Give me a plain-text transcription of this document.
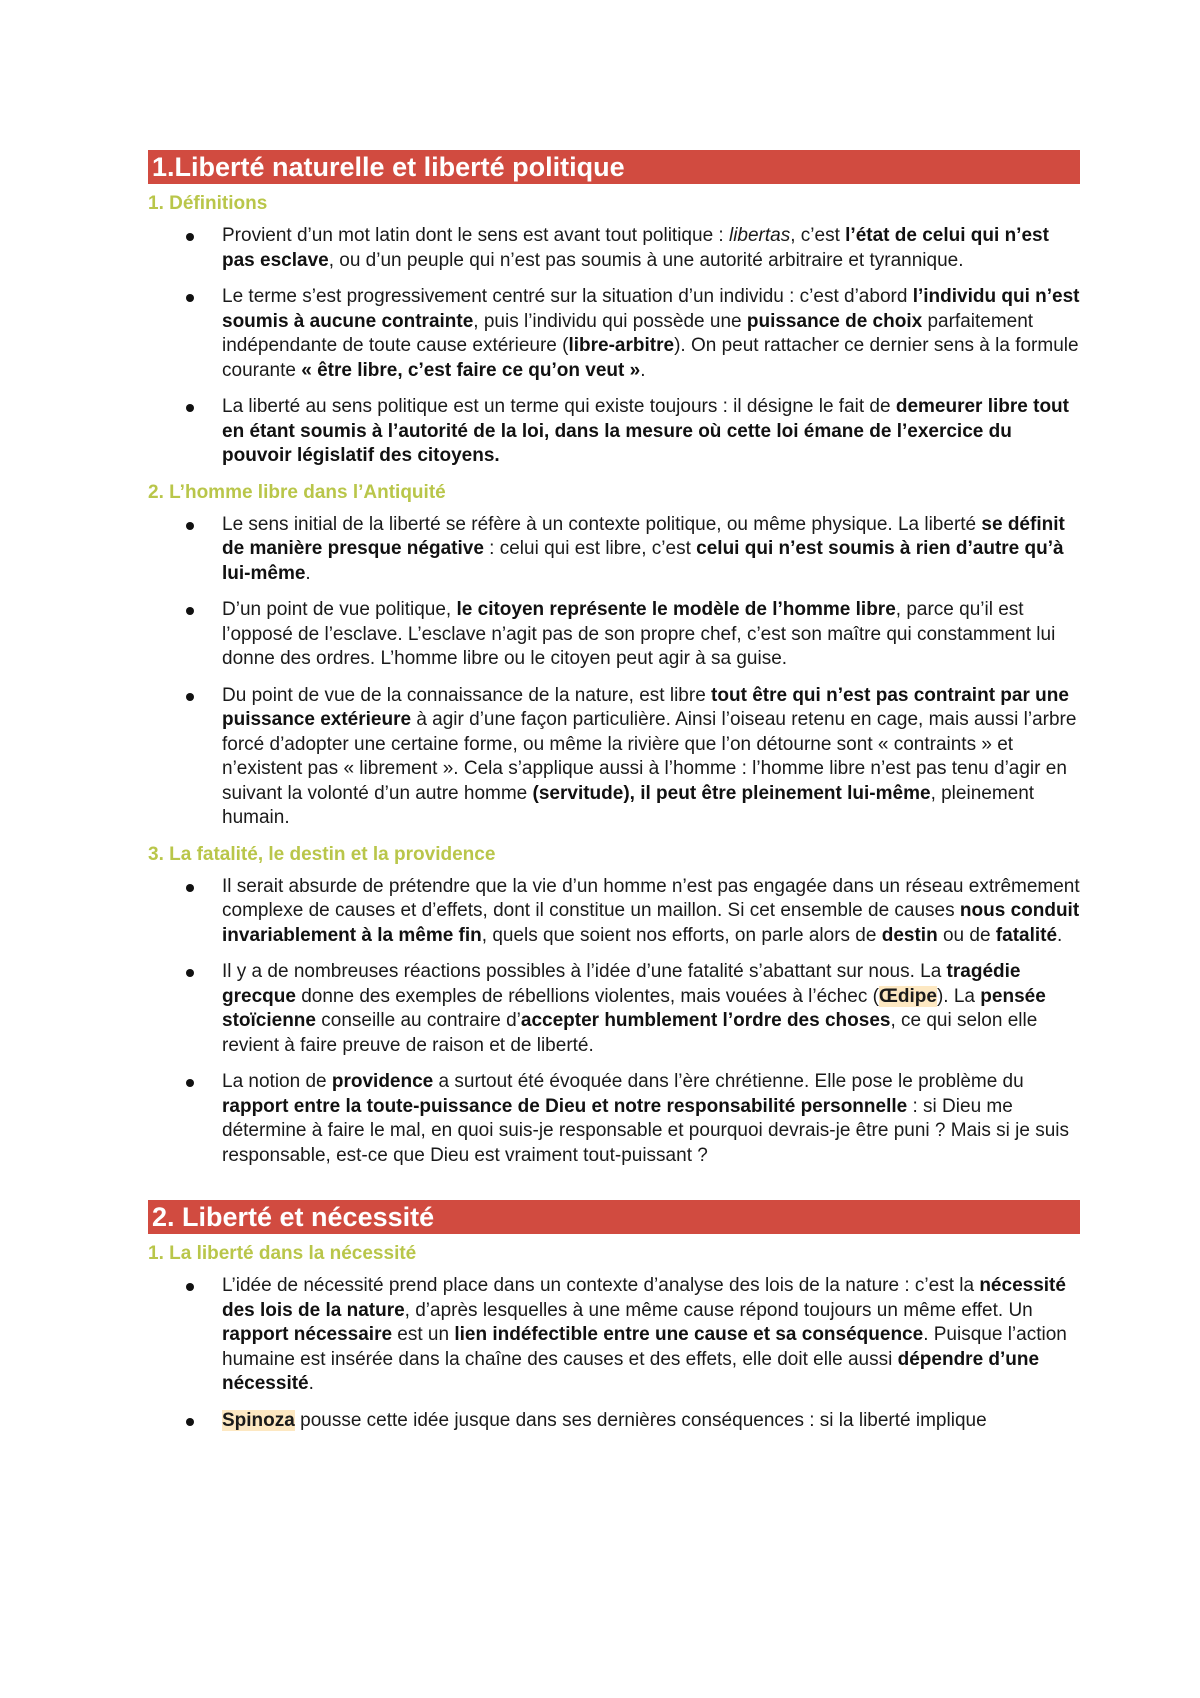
1.Liberté naturelle et liberté politique
1. Définitions
Provient d’un mot latin dont le sens est avant tout politique : libertas, c’est l’état de celui qui n’est pas esclave, ou d’un peuple qui n’est pas soumis à une autorité arbitraire et tyrannique.
Le terme s’est progressivement centré sur la situation d’un individu : c’est d’abord l’individu qui n’est soumis à aucune contrainte, puis l’individu qui possède une puissance de choix parfaitement indépendante de toute cause extérieure (libre-arbitre). On peut rattacher ce dernier sens à la formule courante « être libre, c’est faire ce qu’on veut ».
La liberté au sens politique est un terme qui existe toujours : il désigne le fait de demeurer libre tout en étant soumis à l’autorité de la loi, dans la mesure où cette loi émane de l’exercice du pouvoir législatif des citoyens.
2. L’homme libre dans l’Antiquité
Le sens initial de la liberté se réfère à un contexte politique, ou même physique. La liberté se définit de manière presque négative : celui qui est libre, c’est celui qui n’est soumis à rien d’autre qu’à lui-même.
D’un point de vue politique, le citoyen représente le modèle de l’homme libre, parce qu’il est l’opposé de l’esclave. L’esclave n’agit pas de son propre chef, c’est son maître qui constamment lui donne des ordres. L’homme libre ou le citoyen peut agir à sa guise.
Du point de vue de la connaissance de la nature, est libre tout être qui n’est pas contraint par une puissance extérieure à agir d’une façon particulière. Ainsi l’oiseau retenu en cage, mais aussi l’arbre forcé d’adopter une certaine forme, ou même la rivière que l’on détourne sont « contraints » et n’existent pas « librement ». Cela s’applique aussi à l’homme : l’homme libre n’est pas tenu d’agir en suivant la volonté d’un autre homme (servitude), il peut être pleinement lui-même, pleinement humain.
3. La fatalité, le destin et la providence
Il serait absurde de prétendre que la vie d’un homme n’est pas engagée dans un réseau extrêmement complexe de causes et d’effets, dont il constitue un maillon. Si cet ensemble de causes nous conduit invariablement à la même fin, quels que soient nos efforts, on parle alors de destin ou de fatalité.
Il y a de nombreuses réactions possibles à l’idée d’une fatalité s’abattant sur nous. La tragédie grecque donne des exemples de rébellions violentes, mais vouées à l’échec (Œdipe). La pensée stoïcienne conseille au contraire d’accepter humblement l’ordre des choses, ce qui selon elle revient à faire preuve de raison et de liberté.
La notion de providence a surtout été évoquée dans l’ère chrétienne. Elle pose le problème du rapport entre la toute-puissance de Dieu et notre responsabilité personnelle : si Dieu me détermine à faire le mal, en quoi suis-je responsable et pourquoi devrais-je être puni ? Mais si je suis responsable, est-ce que Dieu est vraiment tout-puissant ?
2. Liberté et nécessité
1. La liberté dans la nécessité
L’idée de nécessité prend place dans un contexte d’analyse des lois de la nature : c’est la nécessité des lois de la nature, d’après lesquelles à une même cause répond toujours un même effet. Un rapport nécessaire est un lien indéfectible entre une cause et sa conséquence. Puisque l’action humaine est insérée dans la chaîne des causes et des effets, elle doit elle aussi dépendre d’une nécessité.
Spinoza pousse cette idée jusque dans ses dernières conséquences : si la liberté implique
